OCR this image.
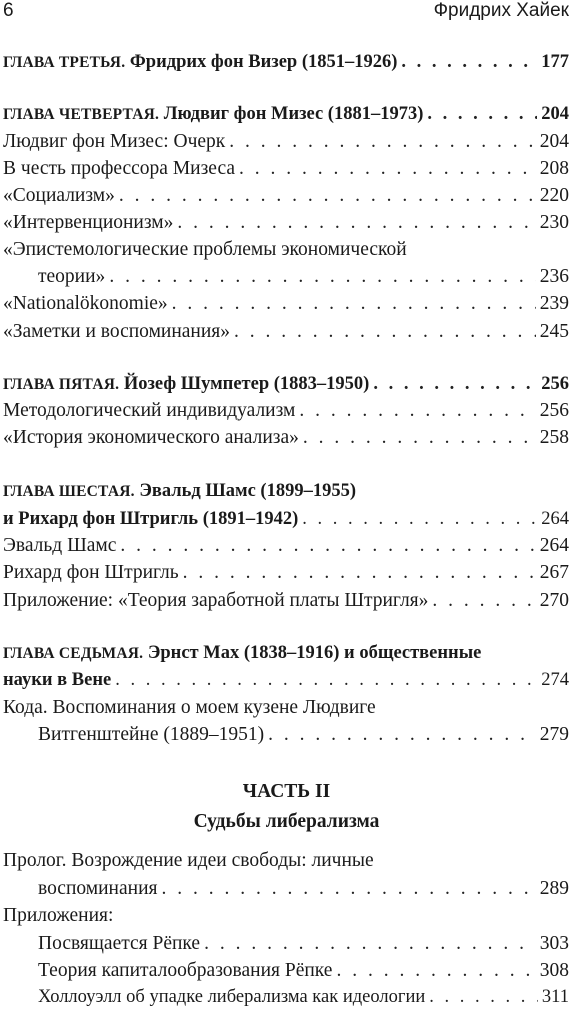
6	Фридрих Хайек
ГЛАВА ТРЕТЬЯ. Фридрих фон Визер (1851–1926) . . .	177
ГЛАВА ЧЕТВЕРТАЯ. Людвиг фон Мизес (1881–1973) . . .	204
Людвиг фон Мизес: Очерк . . .	204
В честь профессора Мизеса . . .	208
«Социализм» . . .	220
«Интервенционизм» . . .	230
«Эпистемологические проблемы экономической
теории» . . .	236
«Nationalökonomie» . . .	239
«Заметки и воспоминания» . . .	245
ГЛАВА ПЯТАЯ. Йозеф Шумпетер (1883–1950) . . .	256
Методологический индивидуализм . . .	256
«История экономического анализа» . . .	258
ГЛАВА ШЕСТАЯ. Эвальд Шамс (1899–1955)
и Рихард фон Штригль (1891–1942) . . .	264
Эвальд Шамс . . .	264
Рихард фон Штригль . . .	267
Приложение: «Теория заработной платы Штригля» . . .	270
ГЛАВА СЕДЬМАЯ. Эрнст Мах (1838–1916) и общественные
науки в Вене . . .	274
Кода. Воспоминания о моем кузене Людвиге
Витгенштейне (1889–1951) . . .	279
ЧАСТЬ II
Судьбы либерализма
Пролог. Возрождение идеи свободы: личные
воспоминания . . .	289
Приложения:
Посвящается Рёпке . . .	303
Теория капиталообразования Рёпке . . .	308
Холлоуэлл об упадке либерализма как идеологии . . .	311
